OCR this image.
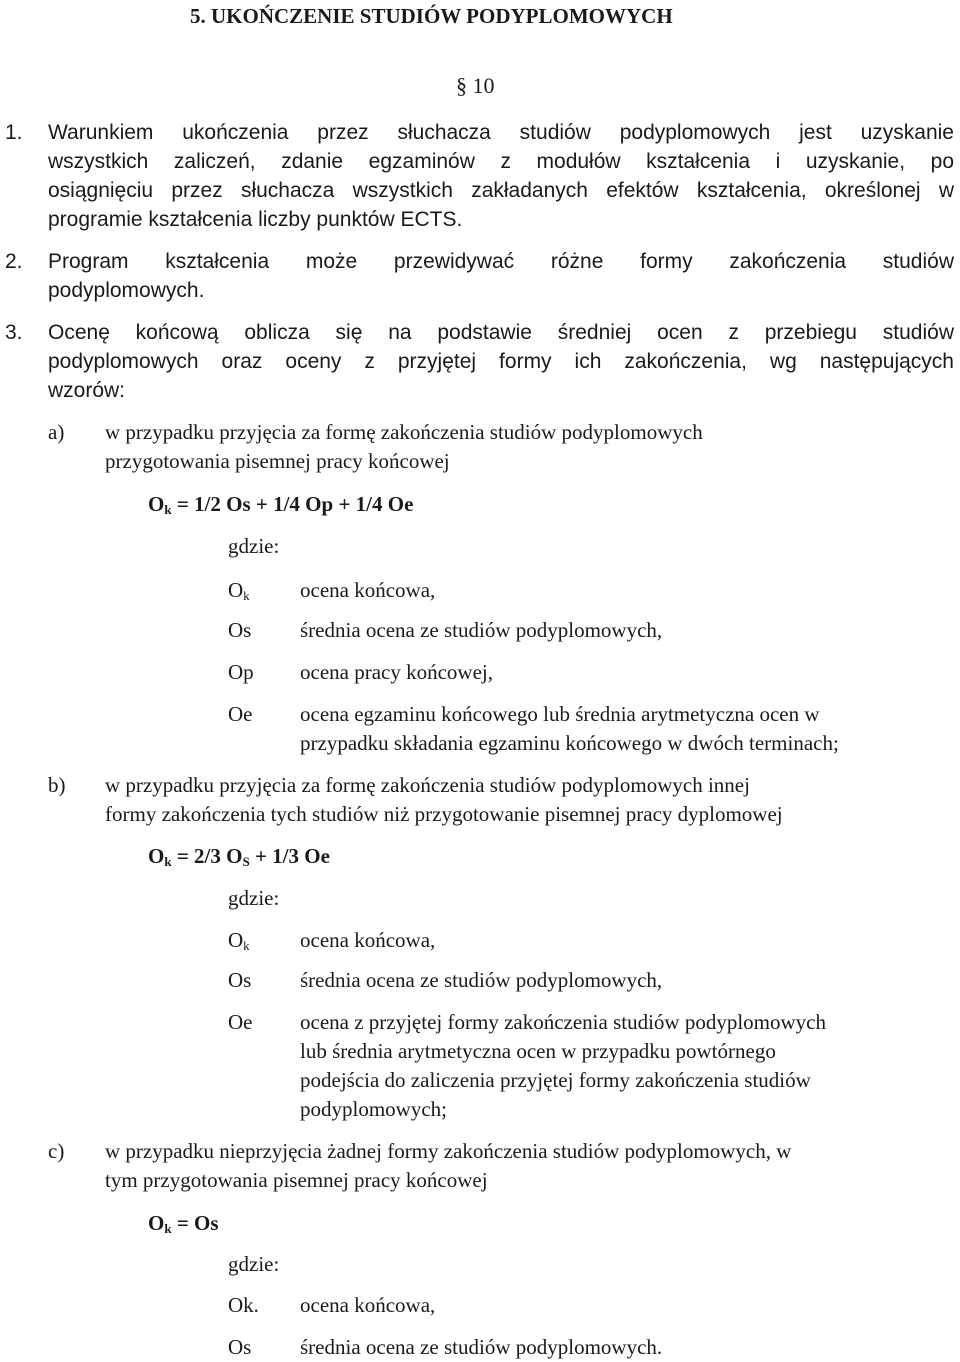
5. UKOŃCZENIE STUDIÓW PODYPLOMOWYCH
§ 10
1. Warunkiem ukończenia przez słuchacza studiów podyplomowych jest uzyskanie
wszystkich zaliczeń, zdanie egzaminów z modułów kształcenia i uzyskanie, po
osiągnięciu przez słuchacza wszystkich zakładanych efektów kształcenia, określonej w
programie kształcenia liczby punktów ECTS.
2. Program kształcenia może przewidywać różne formy zakończenia studiów
podyplomowych.
3. Ocenę końcową oblicza się na podstawie średniej ocen z przebiegu studiów
podyplomowych oraz oceny z przyjętej formy ich zakończenia, wg następujących
wzorów:
a) w przypadku przyjęcia za formę zakończenia studiów podyplomowych
przygotowania pisemnej pracy końcowej
$O_k = 1/2$ Os + 1/4 Op + 1/4 Oe
gdzie:
$O_k$ ocena końcowa,
Os średnia ocena ze studiów podyplomowych,
Op ocena pracy końcowej,
Oe ocena egzaminu końcowego lub średnia arytmetyczna ocen w
przypadku składania egzaminu końcowego w dwóch terminach;
b) w przypadku przyjęcia za formę zakończenia studiów podyplomowych innej
formy zakończenia tych studiów niż przygotowanie pisemnej pracy dyplomowej
$O_k = 2/3$ $O_S + 1/3$ Oe
gdzie:
$O_k$ ocena końcowa,
Os średnia ocena ze studiów podyplomowych,
Oe ocena z przyjętej formy zakończenia studiów podyplomowych
lub średnia arytmetyczna ocen w przypadku powtórnego
podejścia do zaliczenia przyjętej formy zakończenia studiów
podyplomowych;
c) w przypadku nieprzyjęcia żadnej formy zakończenia studiów podyplomowych, w
tym przygotowania pisemnej pracy końcowej
$O_k = Os$
gdzie:
Ok. ocena końcowa,
Os średnia ocena ze studiów podyplomowych.
